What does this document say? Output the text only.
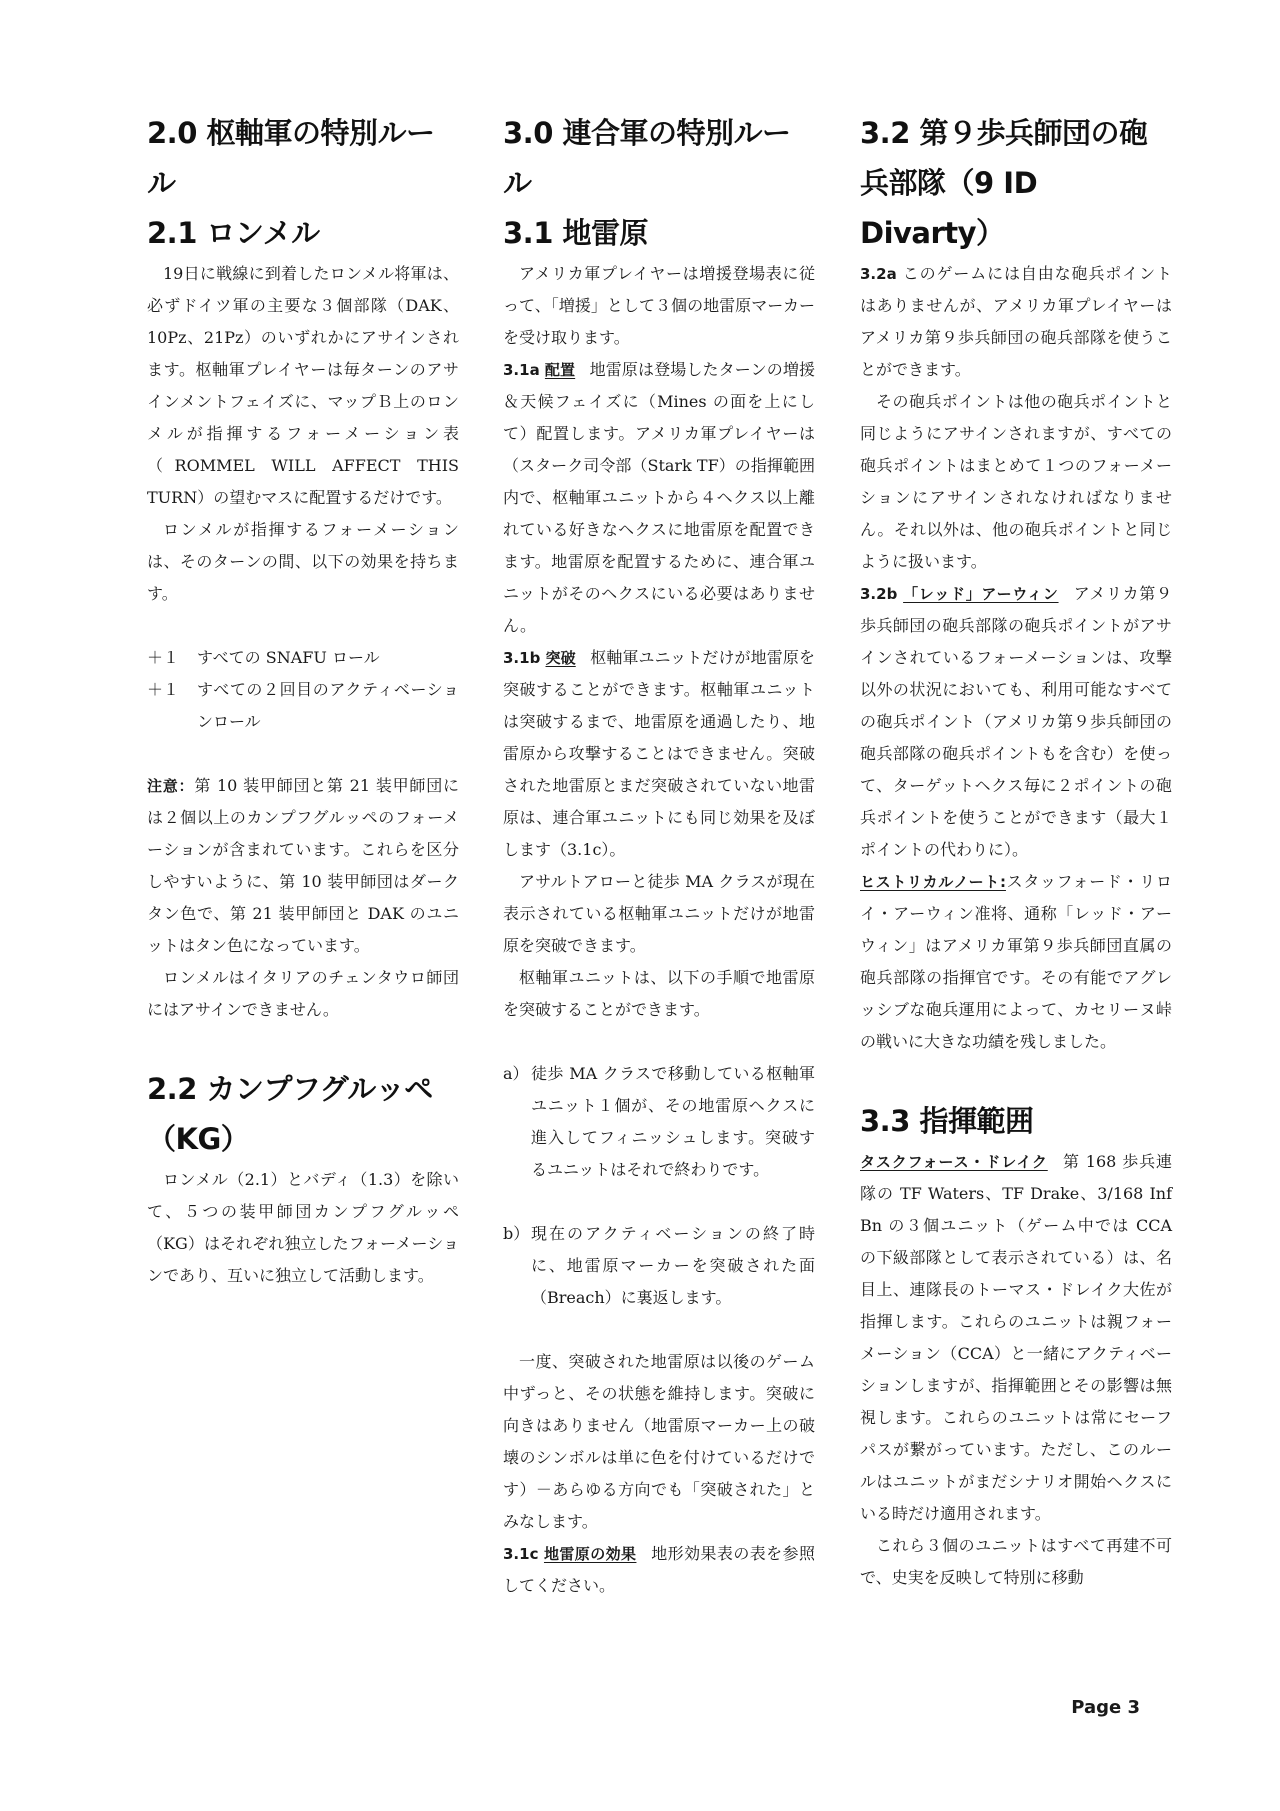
2.0 枢軸軍の特別ルール
2.1 ロンメル

19日に戦線に到着したロンメル将軍は、必ずドイツ軍の主要な３個部隊（DAK、10Pz、21Pz）のいずれかにアサインされます。枢軸軍プレイヤーは毎ターンのアサインメントフェイズに、マップＢ上のロンメルが指揮するフォーメーション表（ROMMEL WILL AFFECT THIS TURN）の望むマスに配置するだけです。

ロンメルが指揮するフォーメーションは、そのターンの間、以下の効果を持ちます。

＋１	すべての SNAFU ロール
＋１	すべての２回目のアクティベーションロール

注意：第 10 装甲師団と第 21 装甲師団には２個以上のカンプフグルッペのフォーメーションが含まれています。これらを区分しやすいように、第 10 装甲師団はダークタン色で、第 21 装甲師団と DAK のユニットはタン色になっています。

ロンメルはイタリアのチェンタウロ師団にはアサインできません。

2.2 カンプフグルッペ（KG）

ロンメル（2.1）とバディ（1.3）を除いて、５つの装甲師団カンプフグルッペ（KG）はそれぞれ独立したフォーメーションであり、互いに独立して活動します。

3.0 連合軍の特別ルール
3.1 地雷原

アメリカ軍プレイヤーは増援登場表に従って、「増援」として３個の地雷原マーカーを受け取ります。

3.1a 配置 地雷原は登場したターンの増援＆天候フェイズに（Mines の面を上にして）配置します。アメリカ軍プレイヤーは（スターク司令部（Stark TF）の指揮範囲内で、枢軸軍ユニットから４ヘクス以上離れている好きなヘクスに地雷原を配置できます。地雷原を配置するために、連合軍ユニットがそのヘクスにいる必要はありません。

3.1b 突破 枢軸軍ユニットだけが地雷原を突破することができます。枢軸軍ユニットは突破するまで、地雷原を通過したり、地雷原から攻撃することはできません。突破された地雷原とまだ突破されていない地雷原は、連合軍ユニットにも同じ効果を及ぼします（3.1c）。

アサルトアローと徒歩 MA クラスが現在表示されている枢軸軍ユニットだけが地雷原を突破できます。

枢軸軍ユニットは、以下の手順で地雷原を突破することができます。

a） 徒歩 MA クラスで移動している枢軸軍ユニット１個が、その地雷原ヘクスに進入してフィニッシュします。突破するユニットはそれで終わりです。
b） 現在のアクティベーションの終了時に、地雷原マーカーを突破された面（Breach）に裏返します。

一度、突破された地雷原は以後のゲーム中ずっと、その状態を維持します。突破に向きはありません（地雷原マーカー上の破壊のシンボルは単に色を付けているだけです）－あらゆる方向でも「突破された」とみなします。

3.1c 地雷原の効果 地形効果表の表を参照してください。

3.2 第９歩兵師団の砲兵部隊（9 ID Divarty）

3.2a このゲームには自由な砲兵ポイントはありませんが、アメリカ軍プレイヤーはアメリカ第９歩兵師団の砲兵部隊を使うことができます。

その砲兵ポイントは他の砲兵ポイントと同じようにアサインされますが、すべての砲兵ポイントはまとめて１つのフォーメーションにアサインされなければなりません。それ以外は、他の砲兵ポイントと同じように扱います。

3.2b 「レッド」アーウィン アメリカ第９歩兵師団の砲兵部隊の砲兵ポイントがアサインされているフォーメーションは、攻撃以外の状況においても、利用可能なすべての砲兵ポイント（アメリカ第９歩兵師団の砲兵部隊の砲兵ポイントもを含む）を使って、ターゲットヘクス毎に２ポイントの砲兵ポイントを使うことができます（最大１ポイントの代わりに）。

ヒストリカルノート:スタッフォード・リロイ・アーウィン准将、通称「レッド・アーウィン」はアメリカ軍第９歩兵師団直属の砲兵部隊の指揮官です。その有能でアグレッシブな砲兵運用によって、カセリーヌ峠の戦いに大きな功績を残しました。

3.3 指揮範囲

タスクフォース・ドレイク 第 168 歩兵連隊の TF Waters、TF Drake、3/168 Inf Bn の３個ユニット（ゲーム中では CCA の下級部隊として表示されている）は、名目上、連隊長のトーマス・ドレイク大佐が指揮します。これらのユニットは親フォーメーション（CCA）と一緒にアクティベーションしますが、指揮範囲とその影響は無視します。これらのユニットは常にセーフパスが繋がっています。ただし、このルールはユニットがまだシナリオ開始ヘクスにいる時だけ適用されます。

これら３個のユニットはすべて再建不可で、史実を反映して特別に移動

Page 3
